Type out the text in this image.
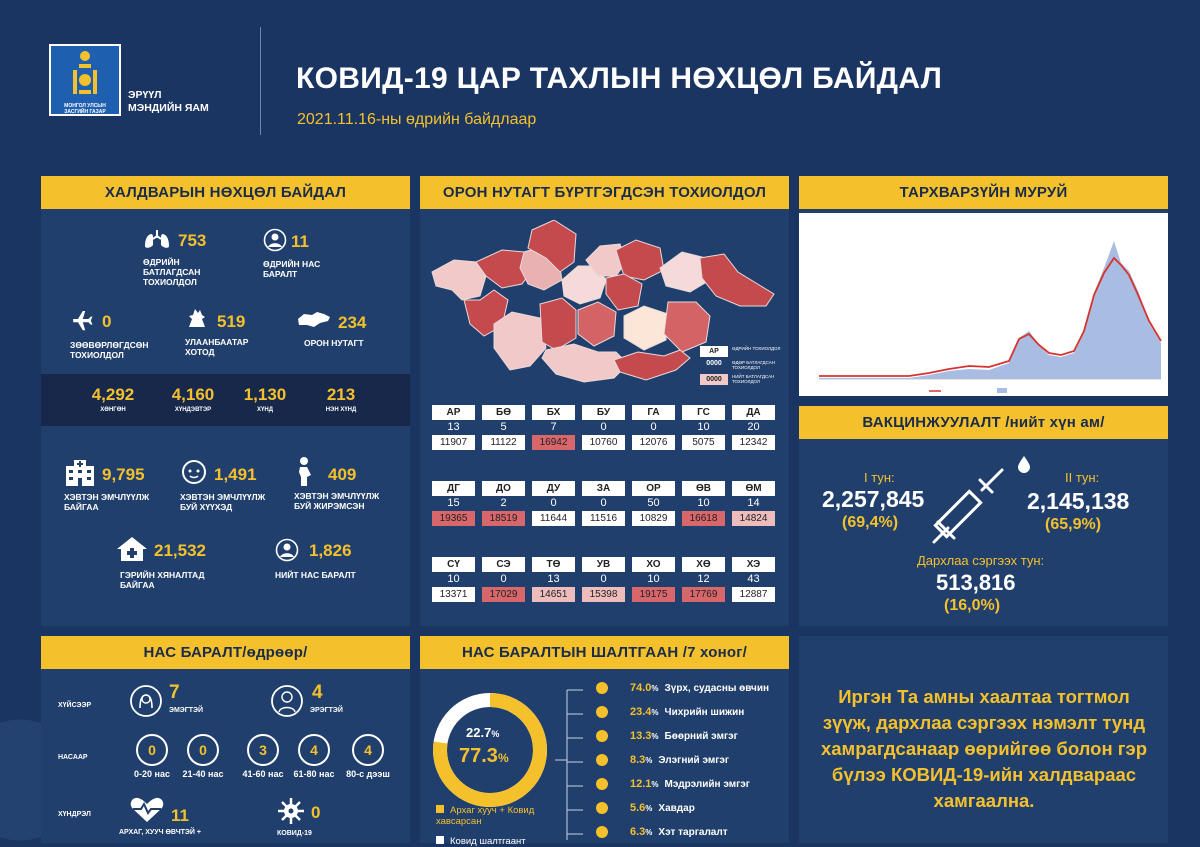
МОНГОЛ УЛСЫН ЗАСГИЙН ГАЗАР
ЭРҮҮЛ
МЭНДИЙН ЯАМ
КОВИД-19 ЦАР ТАХЛЫН НӨХЦӨЛ БАЙДАЛ
2021.11.16-ны өдрийн байдлаар
ХАЛДВАРЫН НӨХЦӨЛ БАЙДАЛ
753
ӨДРИЙН БАТЛАГДСАН ТОХИОЛДОЛ
11
ӨДРИЙН НАС БАРАЛТ
0
ЗӨӨВӨРЛӨГДСӨН ТОХИОЛДОЛ
519
УЛААНБААТАР ХОТОД
234
ОРОН НУТАГТ
4,292
ХӨНГӨН
4,160
ХҮНДЭВТЭР
1,130
ХҮНД
213
НЭН ХҮНД
9,795
ХЭВТЭН ЭМЧЛҮҮЛЖ БАЙГАА
1,491
ХЭВТЭН ЭМЧЛҮҮЛЖ БУЙ ХҮҮХЭД
409
ХЭВТЭН ЭМЧЛҮҮЛЖ БУЙ ЖИРЭМСЭН
21,532
ГЭРИЙН ХЯНАЛТАД БАЙГАА
1,826
НИЙТ НАС БАРАЛТ
ОРОН НУТАГТ БҮРТГЭГДСЭН ТОХИОЛДОЛ
АР	ӨДРИЙН ТОХИОЛДОЛ
0000	ӨДӨР БАТЛАГДСАН ТОХИОЛДОЛ
0000	НИЙТ БАТЛАГДСАН ТОХИОЛДОЛ
АР
13
11907
БӨ
5
11122
БХ
7
16942
БУ
0
10760
ГА
0
12076
ГС
10
5075
ДА
20
12342
ДГ
15
19365
ДО
2
18519
ДУ
0
11644
ЗА
0
11516
ОР
50
10829
ӨВ
10
16618
ӨМ
14
14824
СҮ
10
13371
СЭ
0
17029
ТӨ
13
14651
УВ
0
15398
ХО
10
19175
ХӨ
12
17769
ХЭ
43
12887
ТАРХВАРЗҮЙН МУРУЙ
ВАКЦИНЖУУЛАЛТ /нийт хүн ам/
I тун:
2,257,845
(69,4%)
II тун:
2,145,138
(65,9%)
Дархлаа сэргээх тун:
513,816
(16,0%)
НАС БАРАЛТ/өдрөөр/
ХҮЙСЭЭР
7
ЭМЭГТЭЙ
4
ЭРЭГТЭЙ
НАСААР	0
0-20 нас
0
21-40 нас
3
41-60 нас
4
61-80 нас
4
80-с дээш
ХҮНДРЭЛ	11
АРХАГ, ХУУЧ ӨВЧТЭЙ +
0
КОВИД-19
НАС БАРАЛТЫН ШАЛТГААН /7 хоног/
22.7%
77.3%
Архаг хууч + Ковид хавсарсан
Ковид шалтгаант
74.0% Зүрх, судасны өвчин
23.4% Чихрийн шижин
13.3% Бөөрний эмгэг
8.3% Элэгний эмгэг
12.1% Мэдрэлийн эмгэг
5.6% Хавдар
6.3% Хэт таргалалт
Иргэн Та амны хаалтаа тогтмол зүүж, дархлаа сэргээх нэмэлт тунд хамрагдсанаар өөрийгөө болон гэр бүлээ КОВИД-19-ийн халдвараас хамгаална.
